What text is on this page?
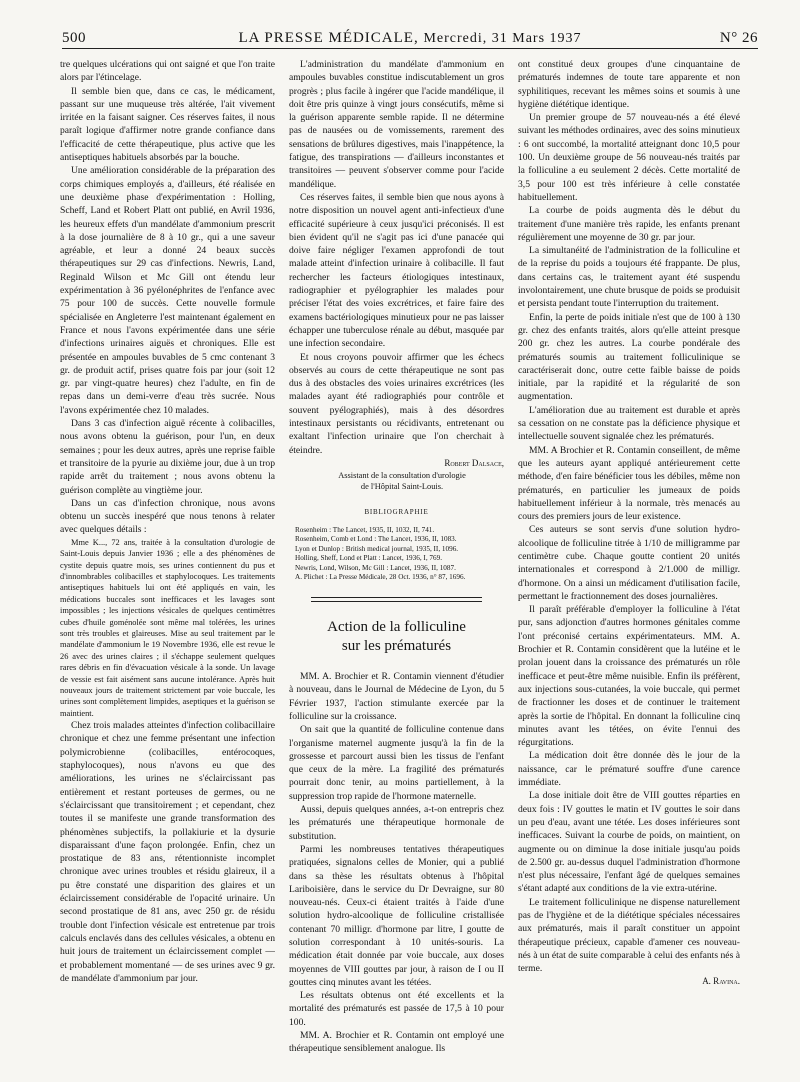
500	LA PRESSE MÉDICALE, Mercredi, 31 Mars 1937	N° 26

tre quelques ulcérations qui ont saigné et que l'on traite alors par l'étincelage.

Il semble bien que, dans ce cas, le médicament, passant sur une muqueuse très altérée, l'ait vivement irritée en la faisant saigner. Ces réserves faites, il nous paraît logique d'affirmer notre grande confiance dans l'efficacité de cette thérapeutique, plus active que les antiseptiques habituels absorbés par la bouche.

Une amélioration considérable de la préparation des corps chimiques employés a, d'ailleurs, été réalisée en une deuxième phase d'expérimentation : Holling, Scheff, Land et Robert Platt ont publié, en Avril 1936, les heureux effets d'un mandélate d'ammonium prescrit à la dose journalière de 8 à 10 gr., qui a une saveur agréable, et leur a donné 24 beaux succès thérapeutiques sur 29 cas d'infections. Newris, Land, Reginald Wilson et Mc Gill ont étendu leur expérimentation à 36 pyélonéphrites de l'enfance avec 75 pour 100 de succès. Cette nouvelle formule spécialisée en Angleterre l'est maintenant également en France et nous l'avons expérimentée dans une série d'infections urinaires aiguës et chroniques. Elle est présentée en ampoules buvables de 5 cmc contenant 3 gr. de produit actif, prises quatre fois par jour (soit 12 gr. par vingt-quatre heures) chez l'adulte, en fin de repas dans un demi-verre d'eau très sucrée. Nous l'avons expérimentée chez 10 malades.

Dans 3 cas d'infection aiguë récente à colibacilles, nous avons obtenu la guérison, pour l'un, en deux semaines ; pour les deux autres, après une reprise faible et transitoire de la pyurie au dixième jour, due à un trop rapide arrêt du traitement ; nous avons obtenu la guérison complète au vingtième jour.

Dans un cas d'infection chronique, nous avons obtenu un succès inespéré que nous tenons à relater avec quelques détails :

Mme K..., 72 ans, traitée à la consultation d'urologie de Saint-Louis depuis Janvier 1936 ; elle a des phénomènes de cystite depuis quatre mois, ses urines contiennent du pus et d'innombrables colibacilles et staphylocoques. Les traitements antiseptiques habituels lui ont été appliqués en vain, les médications buccales sont inefficaces et les lavages sont impossibles ; les injections vésicales de quelques centimètres cubes d'huile goménolée sont même mal tolérées, les urines sont très troubles et glaireuses. Mise au seul traitement par le mandélate d'ammonium le 19 Novembre 1936, elle est revue le 26 avec des urines claires ; il s'échappe seulement quelques rares débris en fin d'évacuation vésicale à la sonde. Un lavage de vessie est fait aisément sans aucune intolérance. Après huit nouveaux jours de traitement strictement par voie buccale, les urines sont complètement limpides, aseptiques et la guérison se maintient.

Chez trois malades atteintes d'infection colibacillaire chronique et chez une femme présentant une infection polymicrobienne (colibacilles, entérocoques, staphylocoques), nous n'avons eu que des améliorations, les urines ne s'éclaircissant pas entièrement et restant porteuses de germes, ou ne s'éclaircissant que transitoirement ; et cependant, chez toutes il se manifeste une grande transformation des phénomènes subjectifs, la pollakiurie et la dysurie disparaissant d'une façon prolongée. Enfin, chez un prostatique de 83 ans, rétentionniste incomplet chronique avec urines troubles et résidu glaireux, il a pu être constaté une disparition des glaires et un éclaircissement considérable de l'opacité urinaire. Un second prostatique de 81 ans, avec 250 gr. de résidu trouble dont l'infection vésicale est entretenue par trois calculs enclavés dans des cellules vésicales, a obtenu en huit jours de traitement un éclaircissement complet — et probablement momentané — de ses urines avec 9 gr. de mandélate d'ammonium par jour.

L'administration du mandélate d'ammonium en ampoules buvables constitue indiscutablement un gros progrès ; plus facile à ingérer que l'acide mandélique, il doit être pris quinze à vingt jours consécutifs, même si la guérison apparente semble rapide. Il ne détermine pas de nausées ou de vomissements, rarement des sensations de brûlures digestives, mais l'inappétence, la fatigue, des transpirations — d'ailleurs inconstantes et transitoires — peuvent s'observer comme pour l'acide mandélique.

Ces réserves faites, il semble bien que nous ayons à notre disposition un nouvel agent anti-infectieux d'une efficacité supérieure à ceux jusqu'ici préconisés. Il est bien évident qu'il ne s'agit pas ici d'une panacée qui doive faire négliger l'examen approfondi de tout malade atteint d'infection urinaire à colibacille. Il faut rechercher les facteurs étiologiques intestinaux, radiographier et pyélographier les malades pour préciser l'état des voies excrétrices, et faire faire des examens bactériologiques minutieux pour ne pas laisser échapper une tuberculose rénale au début, masquée par une infection secondaire.

Et nous croyons pouvoir affirmer que les échecs observés au cours de cette thérapeutique ne sont pas dus à des obstacles des voies urinaires excrétrices (les malades ayant été radiographiés pour contrôle et souvent pyélographiés), mais à des désordres intestinaux persistants ou récidivants, entretenant ou exaltant l'infection urinaire que l'on cherchait à éteindre.

Robert Dalsace,

Assistant de la consultation d'urologie

de l'Hôpital Saint-Louis.

BIBLIOGRAPHIE

Rosenheim : The Lancet, 1935, II, 1032, II, 741.

Rosenheim, Comb et Lond : The Lancet, 1936, II, 1083.

Lyon et Dunlop : British medical journal, 1935, II, 1096.

Holling, Sheff, Lond et Platt : Lancet, 1936, I, 769.

Newris, Lond, Wilson, Mc Gill : Lancet, 1936, II, 1087.

A. Plichet : La Presse Médicale, 28 Oct. 1936, n° 87, 1696.

Action de la folliculine
sur les prématurés

MM. A. Brochier et R. Contamin viennent d'étudier à nouveau, dans le Journal de Médecine de Lyon, du 5 Février 1937, l'action stimulante exercée par la folliculine sur la croissance.

On sait que la quantité de folliculine contenue dans l'organisme maternel augmente jusqu'à la fin de la grossesse et parcourt aussi bien les tissus de l'enfant que ceux de la mère. La fragilité des prématurés pourrait donc tenir, au moins partiellement, à la suppression trop rapide de l'hormone maternelle.

Aussi, depuis quelques années, a-t-on entrepris chez les prématurés une thérapeutique hormonale de substitution.

Parmi les nombreuses tentatives thérapeutiques pratiquées, signalons celles de Monier, qui a publié dans sa thèse les résultats obtenus à l'hôpital Lariboisière, dans le service du Dr Devraigne, sur 80 nouveau-nés. Ceux-ci étaient traités à l'aide d'une solution hydro-alcoolique de folliculine cristallisée contenant 70 milligr. d'hormone par litre, I goutte de solution correspondant à 10 unités-souris. La médication était donnée par voie buccale, aux doses moyennes de VIII gouttes par jour, à raison de I ou II gouttes cinq minutes avant les tétées.

Les résultats obtenus ont été excellents et la mortalité des prématurés est passée de 17,5 à 10 pour 100.

MM. A. Brochier et R. Contamin ont employé une thérapeutique sensiblement analogue. Ils

ont constitué deux groupes d'une cinquantaine de prématurés indemnes de toute tare apparente et non syphilitiques, recevant les mêmes soins et soumis à une hygiène diététique identique.

Un premier groupe de 57 nouveau-nés a été élevé suivant les méthodes ordinaires, avec des soins minutieux : 6 ont succombé, la mortalité atteignant donc 10,5 pour 100. Un deuxième groupe de 56 nouveau-nés traités par la folliculine a eu seulement 2 décès. Cette mortalité de 3,5 pour 100 est très inférieure à celle constatée habituellement.

La courbe de poids augmenta dès le début du traitement d'une manière très rapide, les enfants prenant régulièrement une moyenne de 30 gr. par jour.

La simultanéité de l'administration de la folliculine et de la reprise du poids a toujours été frappante. De plus, dans certains cas, le traitement ayant été suspendu involontairement, une chute brusque de poids se produisit et persista pendant toute l'interruption du traitement.

Enfin, la perte de poids initiale n'est que de 100 à 130 gr. chez des enfants traités, alors qu'elle atteint presque 200 gr. chez les autres. La courbe pondérale des prématurés soumis au traitement folliculinique se caractériserait donc, outre cette faible baisse de poids initiale, par la rapidité et la régularité de son augmentation.

L'amélioration due au traitement est durable et après sa cessation on ne constate pas la déficience physique et intellectuelle souvent signalée chez les prématurés.

MM. A Brochier et R. Contamin conseillent, de même que les auteurs ayant appliqué antérieurement cette méthode, d'en faire bénéficier tous les débiles, même non prématurés, en particulier les jumeaux de poids habituellement inférieur à la normale, très menacés au cours des premiers jours de leur existence.

Ces auteurs se sont servis d'une solution hydro-alcoolique de folliculine titrée à 1/10 de milligramme par centimètre cube. Chaque goutte contient 20 unités internationales et correspond à 2/1.000 de milligr. d'hormone. On a ainsi un médicament d'utilisation facile, permettant le fractionnement des doses journalières.

Il paraît préférable d'employer la folliculine à l'état pur, sans adjonction d'autres hormones génitales comme l'ont préconisé certains expérimentateurs. MM. A. Brochier et R. Contamin considèrent que la lutéine et le prolan jouent dans la croissance des prématurés un rôle inefficace et peut-être même nuisible. Enfin ils préfèrent, aux injections sous-cutanées, la voie buccale, qui permet de fractionner les doses et de continuer le traitement après la sortie de l'hôpital. En donnant la folliculine cinq minutes avant les tétées, on évite l'ennui des régurgitations.

La médication doit être donnée dès le jour de la naissance, car le prématuré souffre d'une carence immédiate.

La dose initiale doit être de VIII gouttes réparties en deux fois : IV gouttes le matin et IV gouttes le soir dans un peu d'eau, avant une tétée. Les doses inférieures sont inefficaces. Suivant la courbe de poids, on maintient, on augmente ou on diminue la dose initiale jusqu'au poids de 2.500 gr. au-dessus duquel l'administration d'hormone n'est plus nécessaire, l'enfant âgé de quelques semaines s'étant adapté aux conditions de la vie extra-utérine.

Le traitement folliculinique ne dispense naturellement pas de l'hygiène et de la diététique spéciales nécessaires aux prématurés, mais il paraît constituer un appoint thérapeutique précieux, capable d'amener ces nouveau-nés à un état de suite comparable à celui des enfants nés à terme.

A. Ravina.
